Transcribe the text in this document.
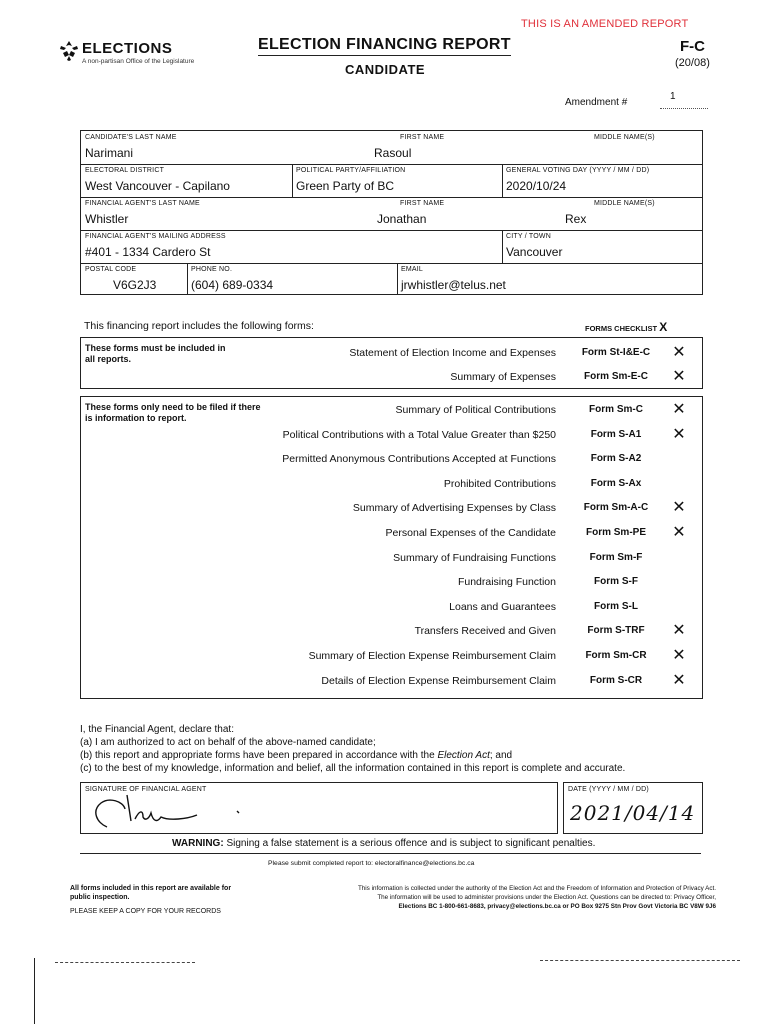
THIS IS AN AMENDED REPORT
ELECTIONS
A non-partisan Office of the Legislature
ELECTION FINANCING REPORT
CANDIDATE
F-C
(20/08)
Amendment #
1
CANDIDATE'S LAST NAME
Narimani
FIRST NAME
Rasoul
MIDDLE NAME(S)
ELECTORAL DISTRICT
West Vancouver - Capilano
POLITICAL PARTY/AFFILIATION
Green Party of BC
GENERAL VOTING DAY (YYYY / MM / DD)
2020/10/24
FINANCIAL AGENT'S LAST NAME
Whistler
FIRST NAME
Jonathan
MIDDLE NAME(S)
Rex
FINANCIAL AGENT'S MAILING ADDRESS
#401 - 1334 Cardero St
CITY / TOWN
Vancouver
POSTAL CODE
V6G2J3
PHONE NO.
(604) 689-0334
EMAIL
jrwhistler@telus.net
This financing report includes the following forms:	FORMS CHECKLIST X
These forms must be included in all reports.	Statement of Election Income and Expenses	Form St-I&E-C	✕
Summary of Expenses	Form Sm-E-C	✕
These forms only need to be filed if there is information to report.
Summary of Political Contributions	Form Sm-C	✕
Political Contributions with a Total Value Greater than $250	Form S-A1	✕
Permitted Anonymous Contributions Accepted at Functions	Form S-A2
Prohibited Contributions	Form S-Ax
Summary of Advertising Expenses by Class	Form Sm-A-C	✕
Personal Expenses of the Candidate	Form Sm-PE	✕
Summary of Fundraising Functions	Form Sm-F
Fundraising Function	Form S-F
Loans and Guarantees	Form S-L
Transfers Received and Given	Form S-TRF	✕
Summary of Election Expense Reimbursement Claim	Form Sm-CR	✕
Details of Election Expense Reimbursement Claim	Form S-CR	✕
I, the Financial Agent, declare that:
(a) I am authorized to act on behalf of the above-named candidate;
(b) this report and appropriate forms have been prepared in accordance with the Election Act; and
(c) to the best of my knowledge, information and belief, all the information contained in this report is complete and accurate.
SIGNATURE OF FINANCIAL AGENT	DATE (YYYY / MM / DD)
2021/04/14
WARNING: Signing a false statement is a serious offence and is subject to significant penalties.
Please submit completed report to: electoralfinance@elections.bc.ca
All forms included in this report are available for public inspection.
PLEASE KEEP A COPY FOR YOUR RECORDS
This information is collected under the authority of the Election Act and the Freedom of Information and Protection of Privacy Act.
The information will be used to administer provisions under the Election Act. Questions can be directed to: Privacy Officer,
Elections BC 1-800-661-8683, privacy@elections.bc.ca or PO Box 9275 Stn Prov Govt Victoria BC V8W 9J6
